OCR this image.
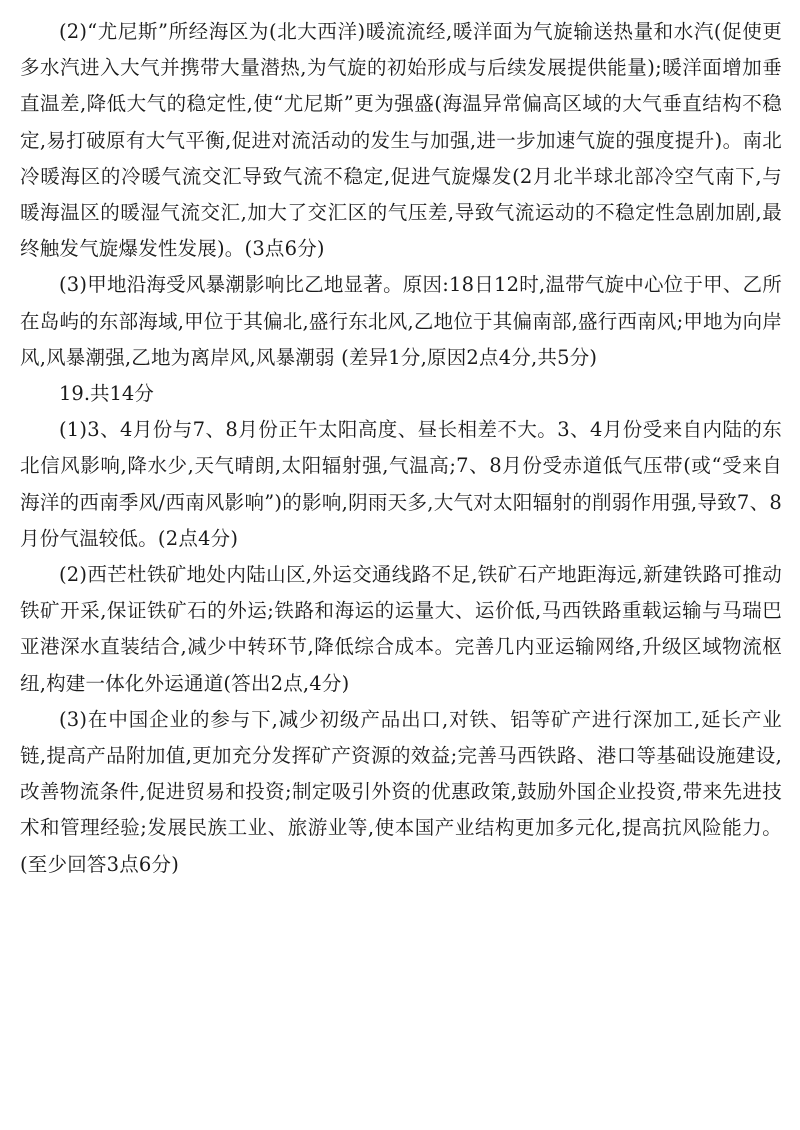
(2)“尤尼斯”所经海区为(北大西洋)暖流流经,暖洋面为气旋输送热量和水汽(促使更多水汽进入大气并携带大量潜热,为气旋的初始形成与后续发展提供能量);暖洋面增加垂直温差,降低大气的稳定性,使“尤尼斯”更为强盛(海温异常偏高区域的大气垂直结构不稳定,易打破原有大气平衡,促进对流活动的发生与加强,进一步加速气旋的强度提升)。南北冷暖海区的冷暖气流交汇导致气流不稳定,促进气旋爆发(2月北半球北部冷空气南下,与暖海温区的暖湿气流交汇,加大了交汇区的气压差,导致气流运动的不稳定性急剧加剧,最终触发气旋爆发性发展)。(3点6分)

(3)甲地沿海受风暴潮影响比乙地显著。原因:18日12时,温带气旋中心位于甲、乙所在岛屿的东部海域,甲位于其偏北,盛行东北风,乙地位于其偏南部,盛行西南风;甲地为向岸风,风暴潮强,乙地为离岸风,风暴潮弱 (差异1分,原因2点4分,共5分)

19.共14分

(1)3、4月份与7、8月份正午太阳高度、昼长相差不大。3、4月份受来自内陆的东北信风影响,降水少,天气晴朗,太阳辐射强,气温高;7、8月份受赤道低气压带(或“受来自海洋的西南季风/西南风影响”)的影响,阴雨天多,大气对太阳辐射的削弱作用强,导致7、8月份气温较低。(2点4分)

(2)西芒杜铁矿地处内陆山区,外运交通线路不足,铁矿石产地距海远,新建铁路可推动铁矿开采,保证铁矿石的外运;铁路和海运的运量大、运价低,马西铁路重载运输与马瑞巴亚港深水直装结合,减少中转环节,降低综合成本。完善几内亚运输网络,升级区域物流枢纽,构建一体化外运通道(答出2点,4分)

(3)在中国企业的参与下,减少初级产品出口,对铁、铝等矿产进行深加工,延长产业链,提高产品附加值,更加充分发挥矿产资源的效益;完善马西铁路、港口等基础设施建设,改善物流条件,促进贸易和投资;制定吸引外资的优惠政策,鼓励外国企业投资,带来先进技术和管理经验;发展民族工业、旅游业等,使本国产业结构更加多元化,提高抗风险能力。(至少回答3点6分)
